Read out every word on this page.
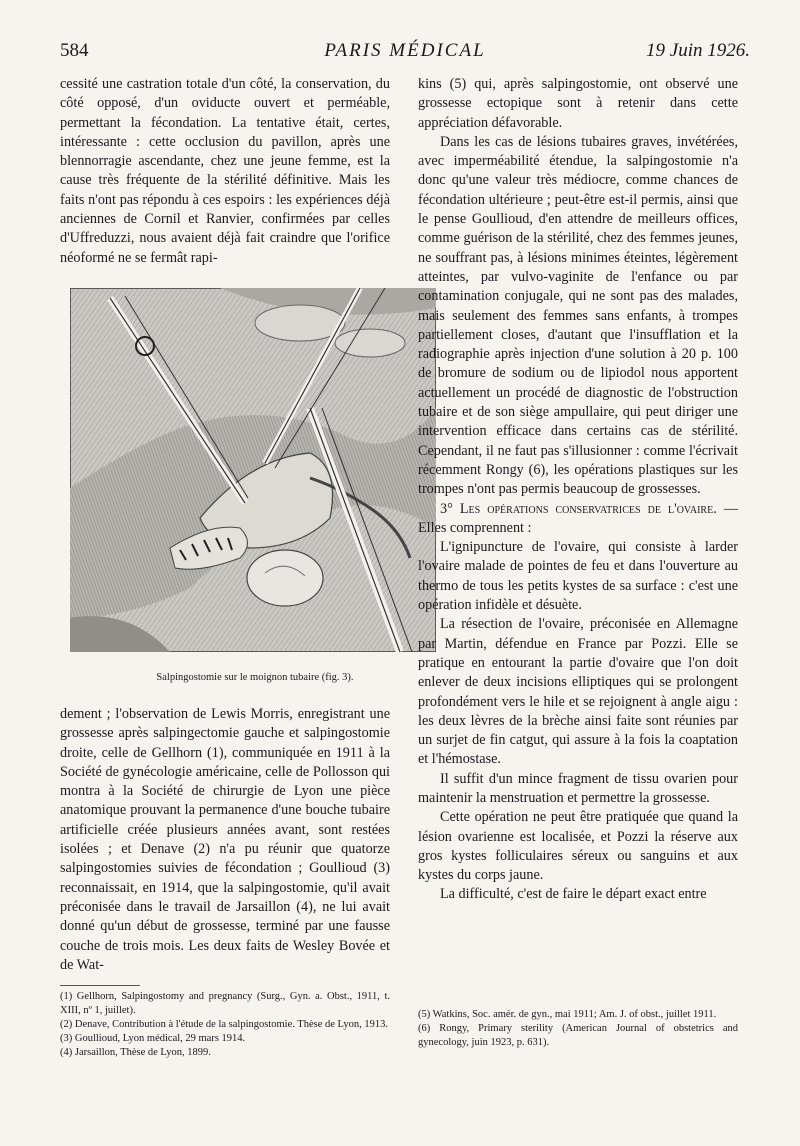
584	PARIS MÉDICAL	19 Juin 1926.

cessité une castration totale d'un côté, la conservation, du côté opposé, d'un oviducte ouvert et perméable, permettant la fécondation. La tentative était, certes, intéressante : cette occlusion du pavillon, après une blennorragie ascendante, chez une jeune femme, est la cause très fréquente de la stérilité définitive. Mais les faits n'ont pas répondu à ces espoirs : les expériences déjà anciennes de Cornil et Ranvier, confirmées par celles d'Uffreduzzi, nous avaient déjà fait craindre que l'orifice néoformé ne se fermât rapi-

Salpingostomie sur le moignon tubaire (fig. 3).

dement ; l'observation de Lewis Morris, enregistrant une grossesse après salpingectomie gauche et salpingostomie droite, celle de Gellhorn (1), communiquée en 1911 à la Société de gynécologie américaine, celle de Pollosson qui montra à la Société de chirurgie de Lyon une pièce anatomique prouvant la permanence d'une bouche tubaire artificielle créée plusieurs années avant, sont restées isolées ; et Denave (2) n'a pu réunir que quatorze salpingostomies suivies de fécondation ; Goullioud (3) reconnaissait, en 1914, que la salpingostomie, qu'il avait préconisée dans le travail de Jarsaillon (4), ne lui avait donné qu'un début de grossesse, terminé par une fausse couche de trois mois. Les deux faits de Wesley Bovée et de Wat-

(1) Gellhorn, Salpingostomy and pregnancy (Surg., Gyn. a. Obst., 1911, t. XIII, nº 1, juillet).

(2) Denave, Contribution à l'étude de la salpingostomie. Thèse de Lyon, 1913.

(3) Goullioud, Lyon médical, 29 mars 1914.

(4) Jarsaillon, Thèse de Lyon, 1899.

kins (5) qui, après salpingostomie, ont observé une grossesse ectopique sont à retenir dans cette appréciation défavorable.

Dans les cas de lésions tubaires graves, invétérées, avec imperméabilité étendue, la salpingostomie n'a donc qu'une valeur très médiocre, comme chances de fécondation ultérieure ; peut-être est-il permis, ainsi que le pense Goullioud, d'en attendre de meilleurs offices, comme guérison de la stérilité, chez des femmes jeunes, ne souffrant pas, à lésions minimes éteintes, légèrement atteintes, par vulvo-vaginite de l'enfance ou par contamination conjugale, qui ne sont pas des malades, mais seulement des femmes sans enfants, à trompes partiellement closes, d'autant que l'insufflation et la radiographie après injection d'une solution à 20 p. 100 de bromure de sodium ou de lipiodol nous apportent actuellement un procédé de diagnostic de l'obstruction tubaire et de son siège ampullaire, qui peut diriger une intervention efficace dans certains cas de stérilité. Cependant, il ne faut pas s'illusionner : comme l'écrivait récemment Rongy (6), les opérations plastiques sur les trompes n'ont pas permis beaucoup de grossesses.

3° Les opérations conservatrices de l'ovaire. — Elles comprennent :

L'ignipuncture de l'ovaire, qui consiste à larder l'ovaire malade de pointes de feu et dans l'ouverture au thermo de tous les petits kystes de sa surface : c'est une opération infidèle et désuète.

La résection de l'ovaire, préconisée en Allemagne par Martin, défendue en France par Pozzi. Elle se pratique en entourant la partie d'ovaire que l'on doit enlever de deux incisions elliptiques qui se prolongent profondément vers le hile et se rejoignent à angle aigu : les deux lèvres de la brèche ainsi faite sont réunies par un surjet de fin catgut, qui assure à la fois la coaptation et l'hémostase.

Il suffit d'un mince fragment de tissu ovarien pour maintenir la menstruation et permettre la grossesse.

Cette opération ne peut être pratiquée que quand la lésion ovarienne est localisée, et Pozzi la réserve aux gros kystes folliculaires séreux ou sanguins et aux kystes du corps jaune.

La difficulté, c'est de faire le départ exact entre

(5) Watkins, Soc. amér. de gyn., mai 1911; Am. J. of obst., juillet 1911.

(6) Rongy, Primary sterility (American Journal of obstetrics and gynecology, juin 1923, p. 631).
